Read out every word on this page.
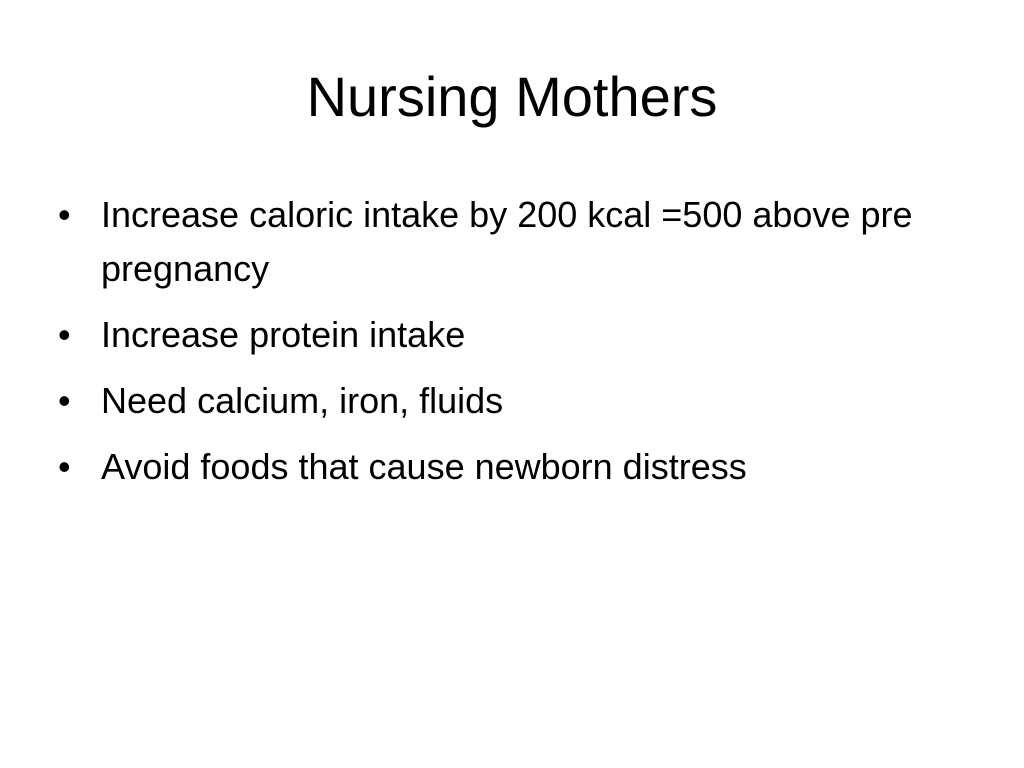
Nursing Mothers
• Increase caloric intake by 200 kcal =500 above pre pregnancy
• Increase protein intake
• Need calcium, iron, fluids
• Avoid foods that cause newborn distress
